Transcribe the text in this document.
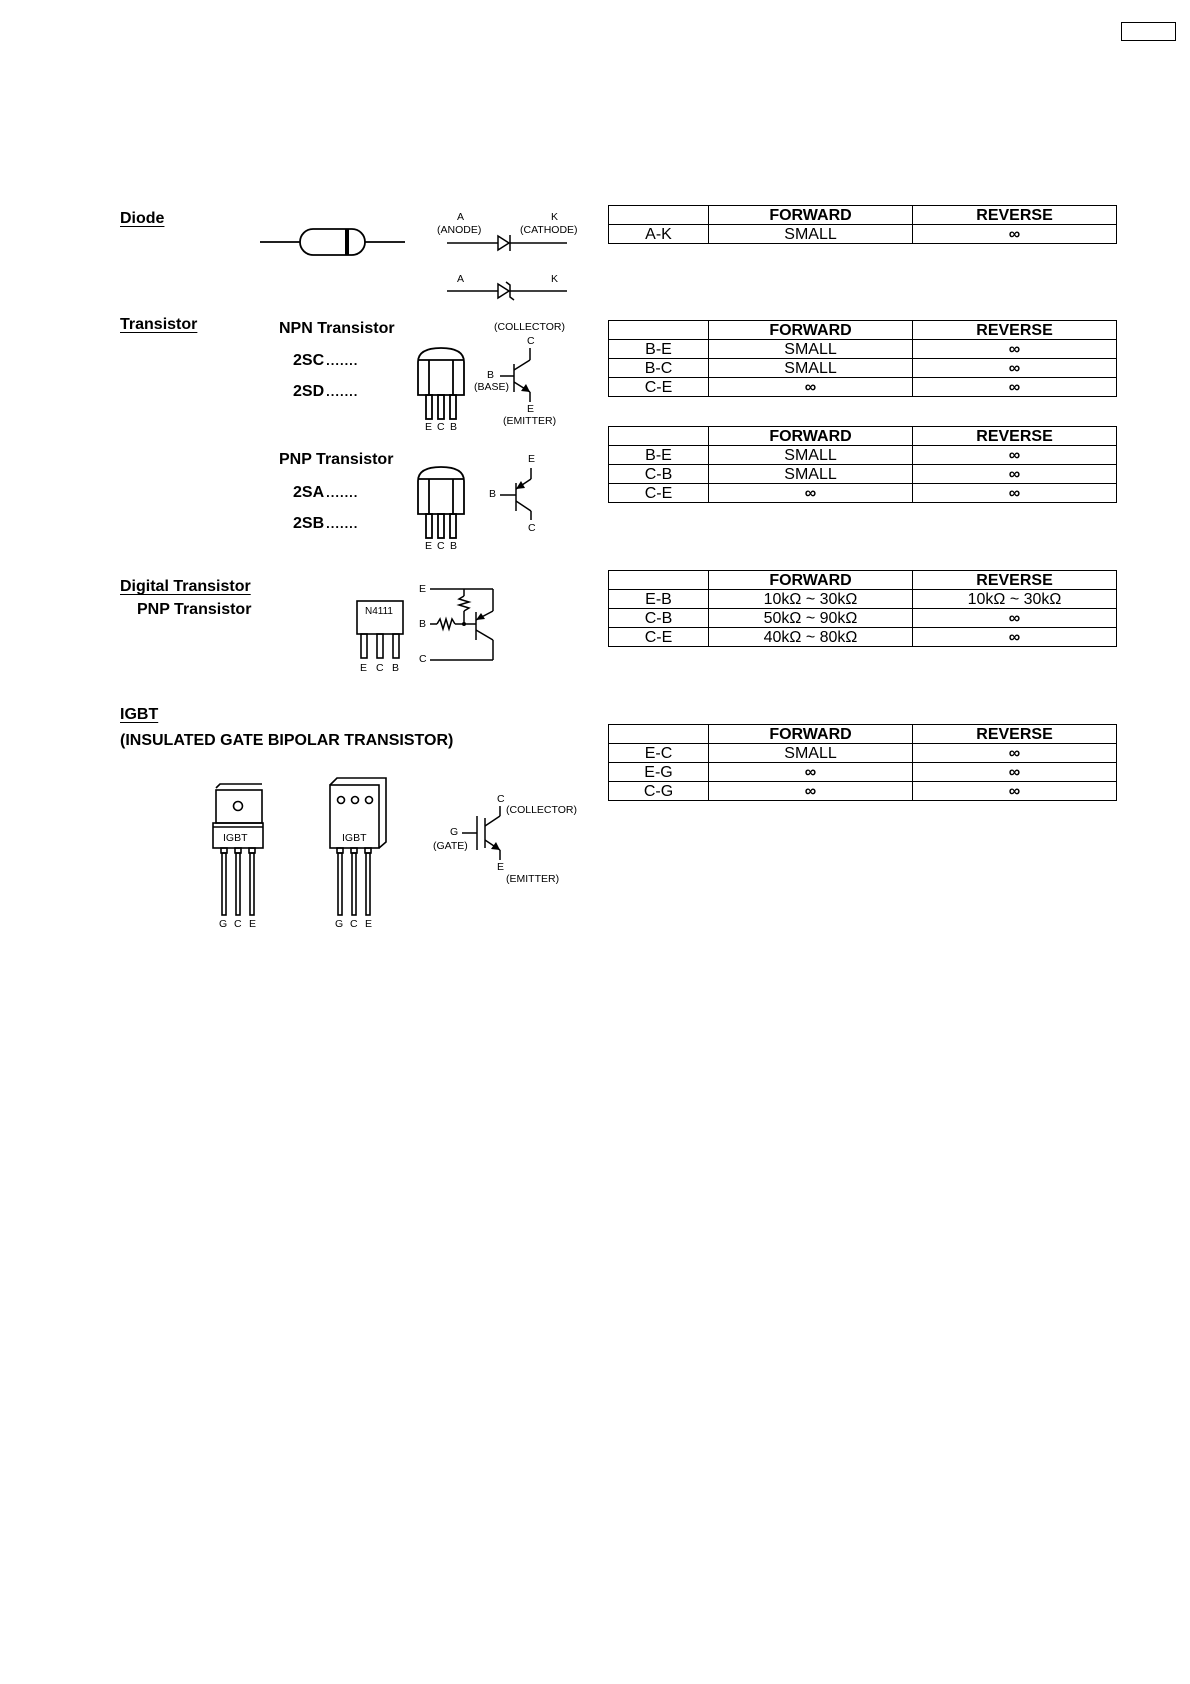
Diode	A
(ANODE)
K
(CATHODE)
A	K
	FORWARD	REVERSE
A-K	SMALL	∞
Transistor	NPN Transistor
2SC .......
2SD .......
E C B
(COLLECTOR)
C
B
(BASE)
E
(EMITTER)
	FORWARD	REVERSE
B-E	SMALL	∞
B-C	SMALL	∞
C-E	∞	∞
PNP Transistor
2SA .......
2SB .......
E C B
E
B
C
	FORWARD	REVERSE
B-E	SMALL	∞
C-B	SMALL	∞
C-E	∞	∞
Digital Transistor
PNP Transistor	N4111
E C B
E
B
C
	FORWARD	REVERSE
E-B	10kΩ ~ 30kΩ	10kΩ ~ 30kΩ
C-B	50kΩ ~ 90kΩ	∞
C-E	40kΩ ~ 80kΩ	∞
IGBT
(INSULATED GATE BIPOLAR TRANSISTOR)
IGBT
G C E
IGBT
G C E
C
(COLLECTOR)
G
(GATE)
E
(EMITTER)
	FORWARD	REVERSE
E-C	SMALL	∞
E-G	∞	∞
C-G	∞	∞
